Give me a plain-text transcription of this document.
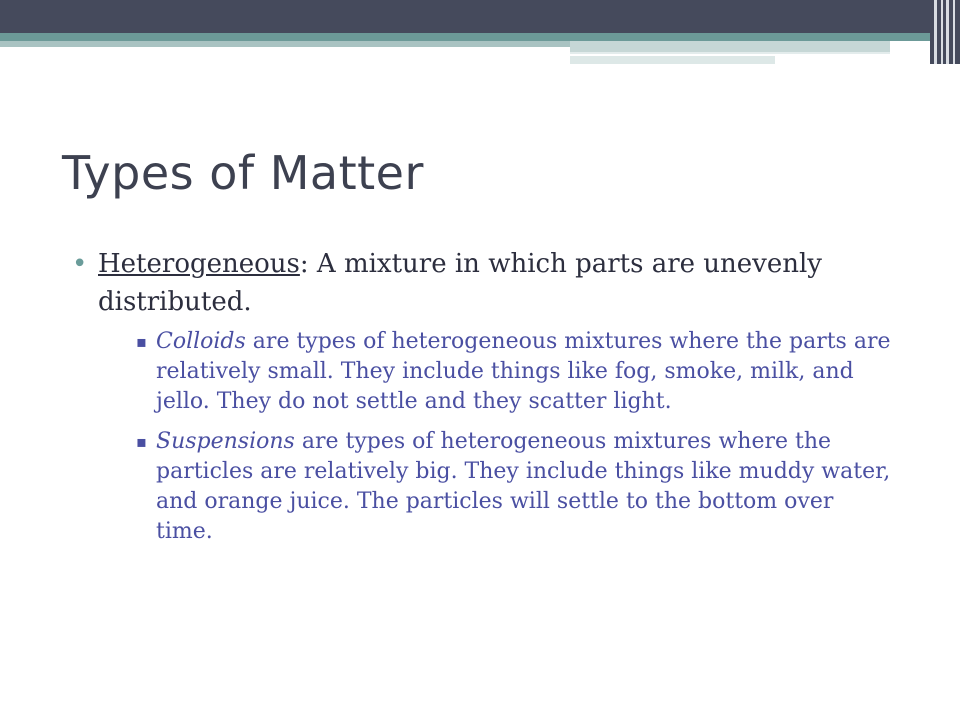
Types of Matter
• Heterogeneous: A mixture in which parts are unevenly distributed.
▪ Colloids are types of heterogeneous mixtures where the parts are relatively small. They include things like fog, smoke, milk, and jello. They do not settle and they scatter light.
▪ Suspensions are types of heterogeneous mixtures where the particles are relatively big. They include things like muddy water, and orange juice. The particles will settle to the bottom over time.
